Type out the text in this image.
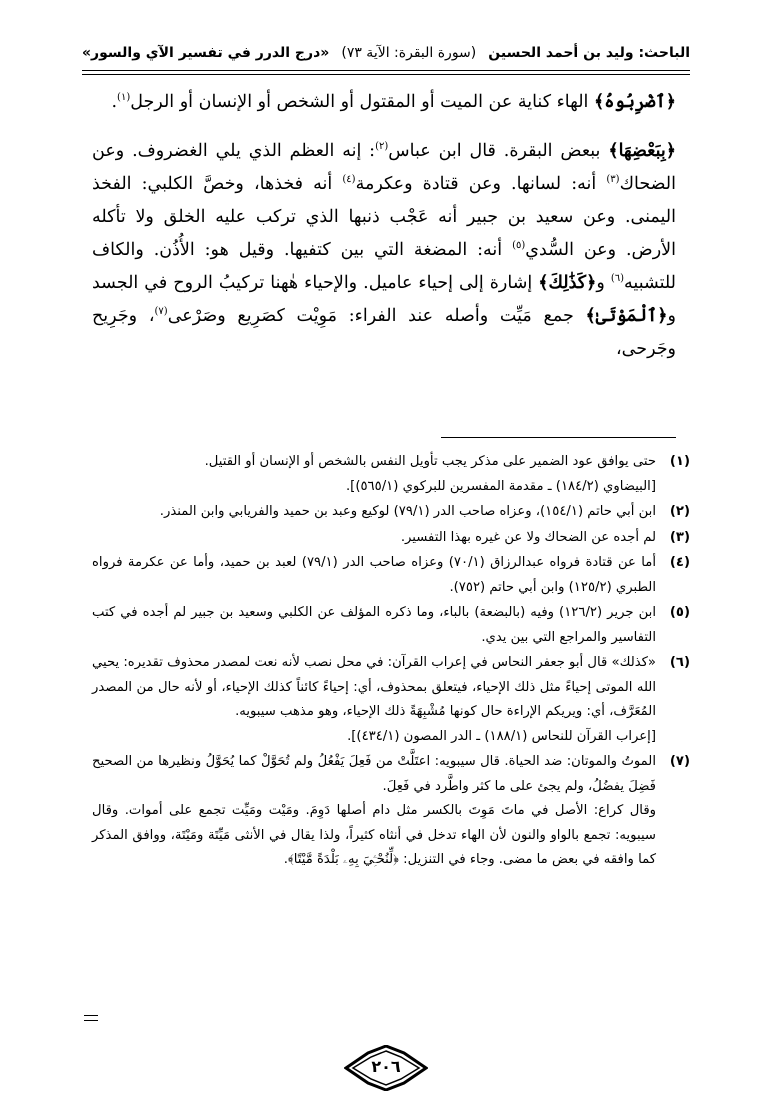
الباحث: وليد بن أحمد الحسين
(سورة البقرة: الآية ٧٣)
«درج الدرر في تفسير الآي والسور»

﴿ٱضْرِبُوهُ﴾ الهاء كناية عن الميت أو المقتول أو الشخص أو الإنسان أو الرجل$^{(١)}$.

﴿بِبَعْضِهَا﴾ ببعض البقرة. قال ابن عباس$^{(٢)}$: إنه العظم الذي يلي الغضروف. وعن الضحاك$^{(٣)}$ أنه: لسانها. وعن قتادة وعكرمة$^{(٤)}$ أنه فخذها، وخصَّ الكلبي: الفخذ اليمنى. وعن سعيد بن جبير أنه عَجْب ذنبها الذي تركب عليه الخلق ولا تأكله الأرض. وعن السُّدي$^{(٥)}$ أنه: المضغة التي بين كتفيها. وقيل هو: الأُذُن. والكاف للتشبيه$^{(٦)}$ و﴿كَذَٰلِكَ﴾ إشارة إلى إحياء عاميل. والإحياء هٰهنا تركيبُ الروح في الجسد و﴿ٱلْمَوْتَىٰ﴾ جمع مَيِّت وأصله عند الفراء: مَوِيْت كصَرِيع وصَرْعى$^{(٧)}$، وجَرِيح وجَرحى،

(١)
حتى يوافق عود الضمير على مذكر يجب تأويل النفس بالشخص أو الإنسان أو القتيل.
[البيضاوي (١٨٤/٢) ـ مقدمة المفسرين للبركوي (٥٦٥/١)].
(٢)
ابن أبي حاتم (١٥٤/١)، وعزاه صاحب الدر (٧٩/١) لوكيع وعبد بن حميد والفريابي وابن المنذر.
(٣)
لم أجده عن الضحاك ولا عن غيره بهذا التفسير.
(٤)
أما عن قتادة فرواه عبدالرزاق (٧٠/١) وعزاه صاحب الدر (٧٩/١) لعبد بن حميد، وأما عن عكرمة فرواه الطبري (١٢٥/٢) وابن أبي حاتم (٧٥٢).
(٥)
ابن جرير (١٢٦/٢) وفيه (بالبضعة) بالباء، وما ذكره المؤلف عن الكلبي وسعيد بن جبير لم أجده في كتب التفاسير والمراجع التي بين يدي.
(٦)
«كذلك» قال أبو جعفر النحاس في إعراب القرآن: في محل نصب لأنه نعت لمصدر محذوف تقديره: يحيي الله الموتى إحياءً مثل ذلك الإحياء، فيتعلق بمحذوف، أي: إحياءً كائناً كذلك الإحياء، أو لأنه حال من المصدر المُعَرَّف، أي: ويريكم الإراءة حال كونها مُشْبِهَةً ذلك الإحياء، وهو مذهب سيبويه.
[إعراب القرآن للنحاس (١٨٨/١) ـ الدر المصون (٤٣٤/١)].
(٧)
الموتُ والموتان: ضد الحياة. قال سيبويه: اعتَلَّتْ من فَعِلَ يَفْعُلُ ولم تُحَوَّلْ كما يُحَوَّلُ ونظيرها من الصحيح فَضِلَ يفضُلُ، ولم يجئ على ما كثر واطَّرد في فَعِلَ.
وقال كراع: الأصل في ماتَ مَوِتَ بالكسر مثل دام أصلها دَوِمَ. ومَيْت ومَيِّت تجمع على أموات. وقال سيبويه: تجمع بالواو والنون لأن الهاء تدخل في أنثاه كثيراً، ولذا يقال في الأنثى مَيِّتَة ومَيْتَة، ووافق المذكر كما وافقه في بعض ما مضى. وجاء في التنزيل: ﴿لِّنُحْـِۧيَ بِهِۦ بَلْدَةً مَّيْتًا﴾.
٢٠٦
